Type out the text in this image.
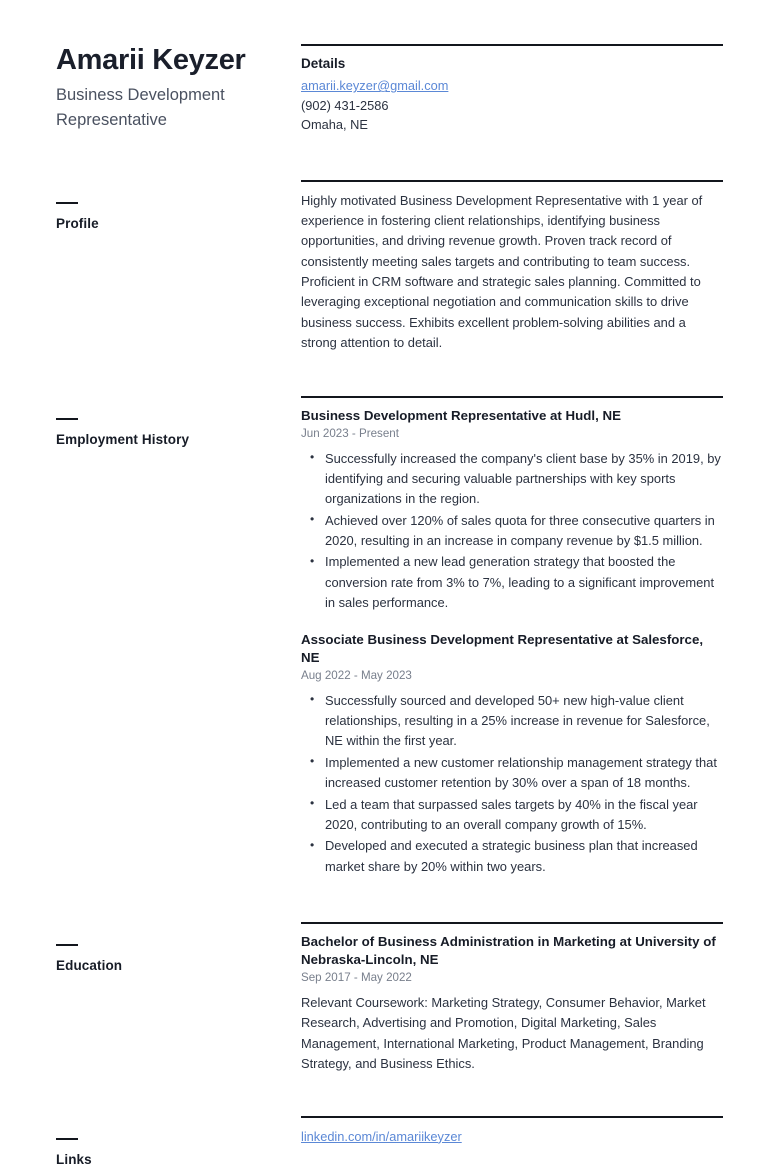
Amarii Keyzer

Business Development Representative

Details
amarii.keyzer@gmail.com
(902) 431-2586
Omaha, NE
Profile

Highly motivated Business Development Representative with 1 year of experience in fostering client relationships, identifying business opportunities, and driving revenue growth. Proven track record of consistently meeting sales targets and contributing to team success. Proficient in CRM software and strategic sales planning. Committed to leveraging exceptional negotiation and communication skills to drive business success. Exhibits excellent problem-solving abilities and a strong attention to detail.

Employment History
Business Development Representative at Hudl, NE
Jun 2023 - Present
• Successfully increased the company's client base by 35% in 2019, by identifying and securing valuable partnerships with key sports organizations in the region.
• Achieved over 120% of sales quota for three consecutive quarters in 2020, resulting in an increase in company revenue by $1.5 million.
• Implemented a new lead generation strategy that boosted the conversion rate from 3% to 7%, leading to a significant improvement in sales performance.
Associate Business Development Representative at Salesforce, NE
Aug 2022 - May 2023
• Successfully sourced and developed 50+ new high-value client relationships, resulting in a 25% increase in revenue for Salesforce, NE within the first year.
• Implemented a new customer relationship management strategy that increased customer retention by 30% over a span of 18 months.
• Led a team that surpassed sales targets by 40% in the fiscal year 2020, contributing to an overall company growth of 15%.
• Developed and executed a strategic business plan that increased market share by 20% within two years.
Education
Bachelor of Business Administration in Marketing at University of Nebraska-Lincoln, NE
Sep 2017 - May 2022

Relevant Coursework: Marketing Strategy, Consumer Behavior, Market Research, Advertising and Promotion, Digital Marketing, Sales Management, International Marketing, Product Management, Branding Strategy, and Business Ethics.

Links
linkedin.com/in/amariikeyzer
